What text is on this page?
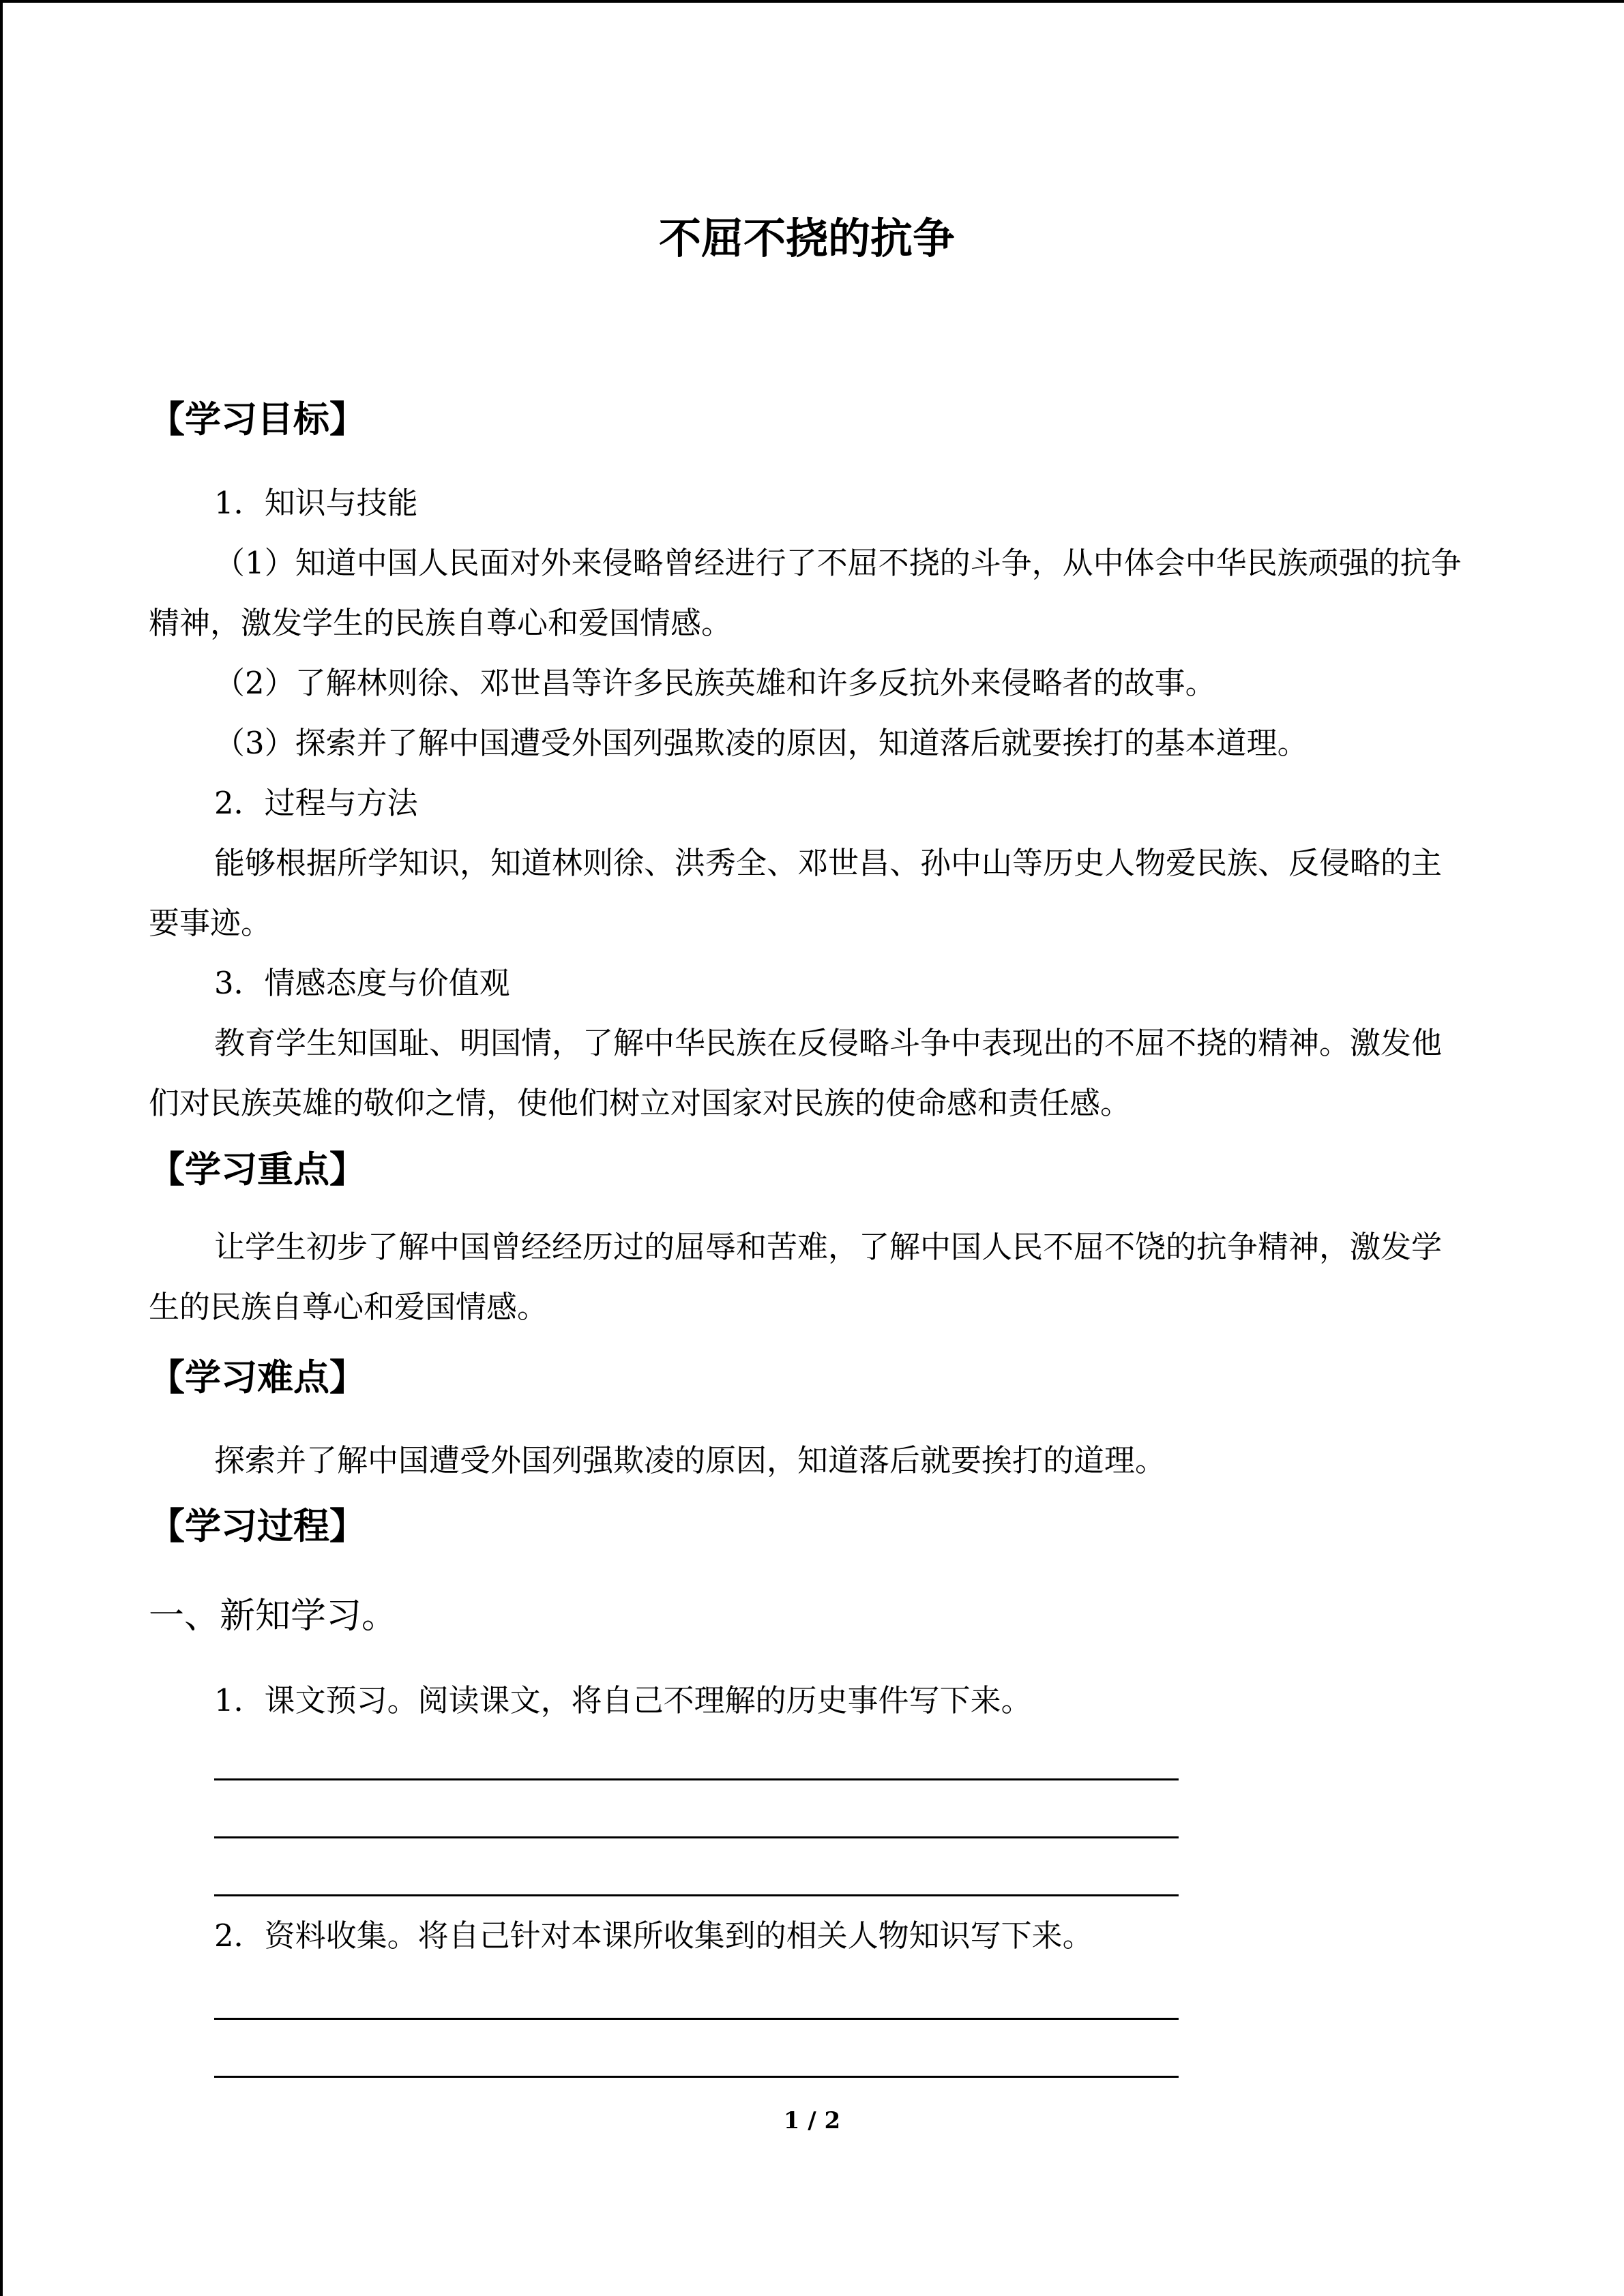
不屈不挠的抗争
【学习目标】
1．知识与技能
（1）知道中国人民面对外来侵略曾经进行了不屈不挠的斗争，从中体会中华民族顽强的抗争精神，激发学生的民族自尊心和爱国情感。
（2）了解林则徐、邓世昌等许多民族英雄和许多反抗外来侵略者的故事。
（3）探索并了解中国遭受外国列强欺凌的原因，知道落后就要挨打的基本道理。
2．过程与方法
能够根据所学知识，知道林则徐、洪秀全、邓世昌、孙中山等历史人物爱民族、反侵略的主要事迹。
3．情感态度与价值观
教育学生知国耻、明国情，了解中华民族在反侵略斗争中表现出的不屈不挠的精神。激发他们对民族英雄的敬仰之情，使他们树立对国家对民族的使命感和责任感。
【学习重点】
让学生初步了解中国曾经经历过的屈辱和苦难，了解中国人民不屈不饶的抗争精神，激发学生的民族自尊心和爱国情感。
【学习难点】
探索并了解中国遭受外国列强欺凌的原因，知道落后就要挨打的道理。
【学习过程】
一、新知学习。
1．课文预习。阅读课文，将自己不理解的历史事件写下来。
2．资料收集。将自己针对本课所收集到的相关人物知识写下来。
1 / 2
